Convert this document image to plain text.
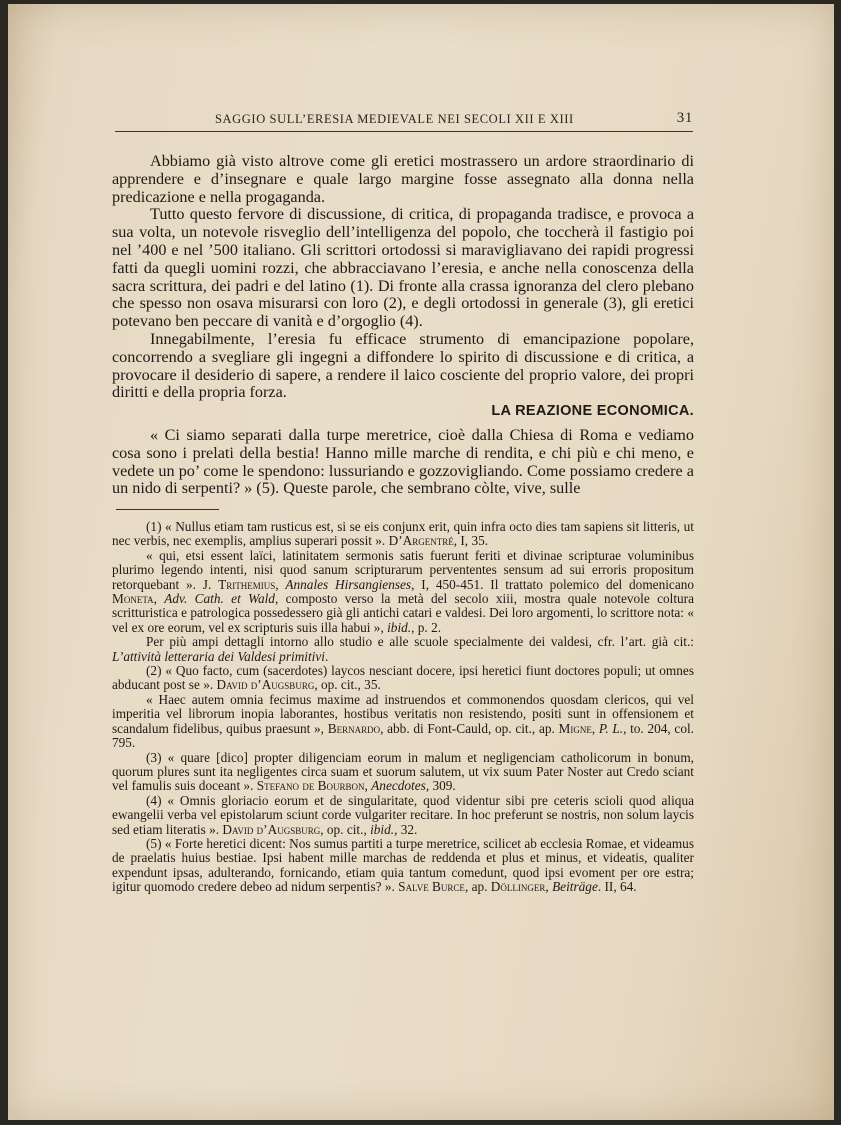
SAGGIO SULL’ERESIA MEDIEVALE NEI SECOLI XII E XIII	31

Abbiamo già visto altrove come gli eretici mostrassero un ardore straordinario di apprendere e d’insegnare e quale largo margine fosse assegnato alla donna nella predicazione e nella progaganda.

Tutto questo fervore di discussione, di critica, di propaganda tradisce, e provoca a sua volta, un notevole risveglio dell’intelligenza del popolo, che toccherà il fastigio poi nel ’400 e nel ’500 italiano. Gli scrittori ortodossi si maravigliavano dei rapidi progressi fatti da quegli uomini rozzi, che abbracciavano l’eresia, e anche nella conoscenza della sacra scrittura, dei padri e del latino (1). Di fronte alla crassa ignoranza del clero plebano che spesso non osava misurarsi con loro (2), e degli ortodossi in generale (3), gli eretici potevano ben peccare di vanità e d’orgoglio (4).

Innegabilmente, l’eresia fu efficace strumento di emancipazione popolare, concorrendo a svegliare gli ingegni a diffondere lo spirito di discussione e di critica, a provocare il desiderio di sapere, a rendere il laico cosciente del proprio valore, dei propri diritti e della propria forza.

LA REAZIONE ECONOMICA.

« Ci siamo separati dalla turpe meretrice, cioè dalla Chiesa di Roma e vediamo cosa sono i prelati della bestia! Hanno mille marche di rendita, e chi più e chi meno, e vedete un po’ come le spendono: lussuriando e gozzovigliando. Come possiamo credere a un nido di serpenti? » (5). Queste parole, che sembrano còlte, vive, sulle

(1) « Nullus etiam tam rusticus est, si se eis conjunx erit, quin infra octo dies tam sapiens sit litteris, ut nec verbis, nec exemplis, amplius superari possit ». D’Argentré, I, 35.

« qui, etsi essent laïci, latinitatem sermonis satis fuerunt feriti et divinae scripturae voluminibus plurimo legendo intenti, nisi quod sanum scripturarum pervententes sensum ad sui erroris propositum retorquebant ». J. Trithemius, Annales Hirsangienses, I, 450-451. Il trattato polemico del domenicano Moneta, Adv. Cath. et Wald, composto verso la metà del secolo xiii, mostra quale notevole coltura scritturistica e patrologica possedessero già gli antichi catari e valdesi. Dei loro argomenti, lo scrittore nota: « vel ex ore eorum, vel ex scripturis suis illa habui », ibid., p. 2.

Per più ampi dettagli intorno allo studio e alle scuole specialmente dei valdesi, cfr. l’art. già cit.: L’attività letteraria dei Valdesi primitivi.

(2) « Quo facto, cum (sacerdotes) laycos nesciant docere, ipsi heretici fiunt doctores populi; ut omnes abducant post se ». David d’Augsburg, op. cit., 35.

« Haec autem omnia fecimus maxime ad instruendos et commonendos quosdam clericos, qui vel imperitia vel librorum inopia laborantes, hostibus veritatis non resistendo, positi sunt in offensionem et scandalum fidelibus, quibus praesunt », Bernardo, abb. di Font-Cauld, op. cit., ap. Migne, P. L., to. 204, col. 795.

(3) « quare [dico] propter diligenciam eorum in malum et negligenciam catholicorum in bonum, quorum plures sunt ita negligentes circa suam et suorum salutem, ut vix suum Pater Noster aut Credo sciant vel famulis suis doceant ». Stefano de Bourbon, Anecdotes, 309.

(4) « Omnis gloriacio eorum et de singularitate, quod videntur sibi pre ceteris scioli quod aliqua ewangelii verba vel epistolarum sciunt corde vulgariter recitare. In hoc preferunt se nostris, non solum laycis sed etiam literatis ». David d’Augsburg, op. cit., ibid., 32.

(5) « Forte heretici dicent: Nos sumus partiti a turpe meretrice, scilicet ab ecclesia Romae, et videamus de praelatis huius bestiae. Ipsi habent mille marchas de reddenda et plus et minus, et videatis, qualiter expendunt ipsas, adulterando, fornicando, etiam quia tantum comedunt, quod ipsi evoment per ore estra; igitur quomodo credere debeo ad nidum serpentis? ». Salve Burce, ap. Döllinger, Beiträge. II, 64.
